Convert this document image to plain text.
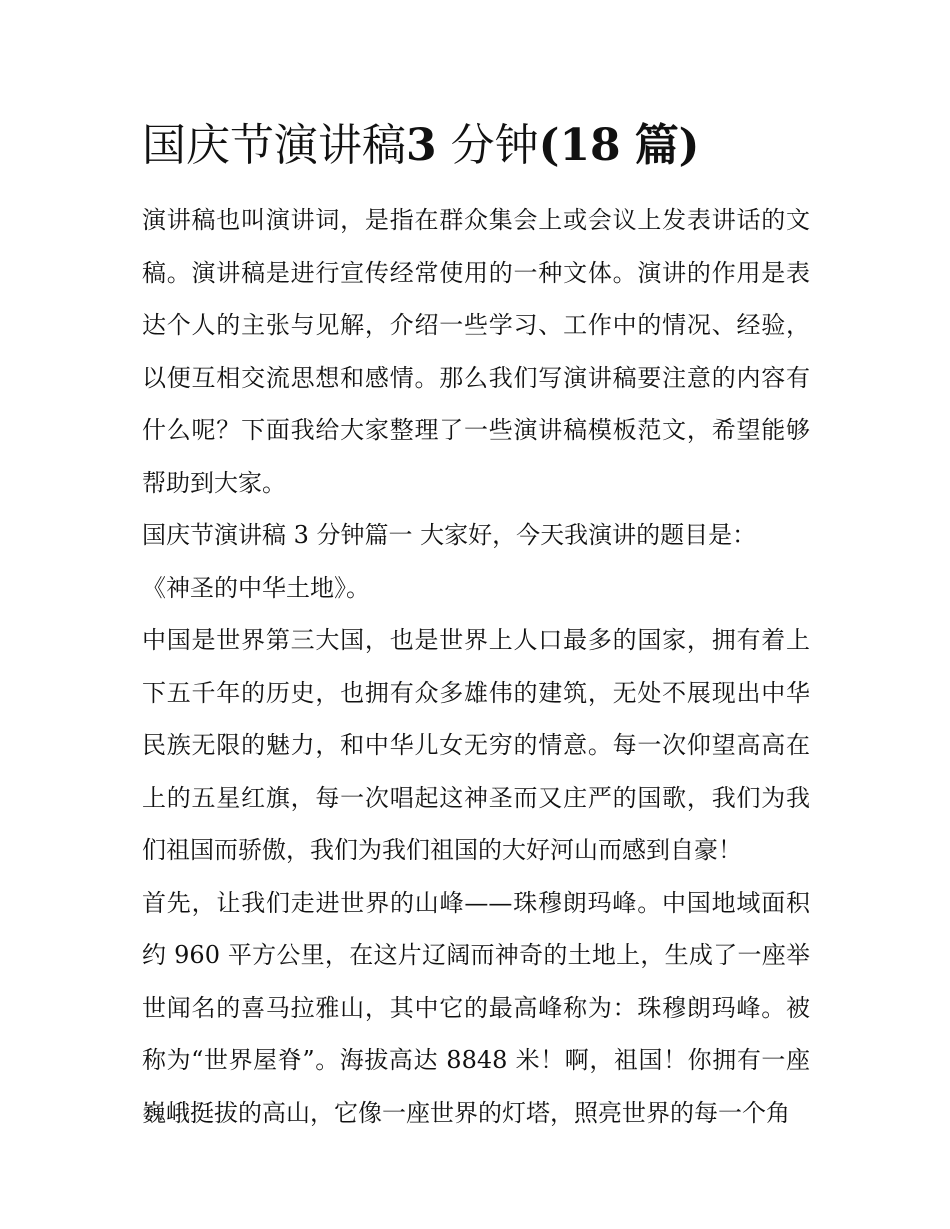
国庆节演讲稿3 分钟(18 篇)

演讲稿也叫演讲词，是指在群众集会上或会议上发表讲话的文稿。演讲稿是进行宣传经常使用的一种文体。演讲的作用是表达个人的主张与见解，介绍一些学习、工作中的情况、经验，以便互相交流思想和感情。那么我们写演讲稿要注意的内容有什么呢？下面我给大家整理了一些演讲稿模板范文，希望能够帮助到大家。

国庆节演讲稿 3 分钟篇一 大家好，今天我演讲的题目是：

《神圣的中华土地》。

中国是世界第三大国，也是世界上人口最多的国家，拥有着上下五千年的历史，也拥有众多雄伟的建筑，无处不展现出中华民族无限的魅力，和中华儿女无穷的情意。每一次仰望高高在上的五星红旗，每一次唱起这神圣而又庄严的国歌，我们为我们祖国而骄傲，我们为我们祖国的大好河山而感到自豪！

首先，让我们走进世界的山峰——珠穆朗玛峰。中国地域面积约 960 平方公里，在这片辽阔而神奇的土地上，生成了一座举世闻名的喜马拉雅山，其中它的最高峰称为：珠穆朗玛峰。被称为“世界屋脊”。海拔高达 8848 米！啊，祖国！你拥有一座巍峨挺拔的高山，它像一座世界的灯塔，照亮世界的每一个角
